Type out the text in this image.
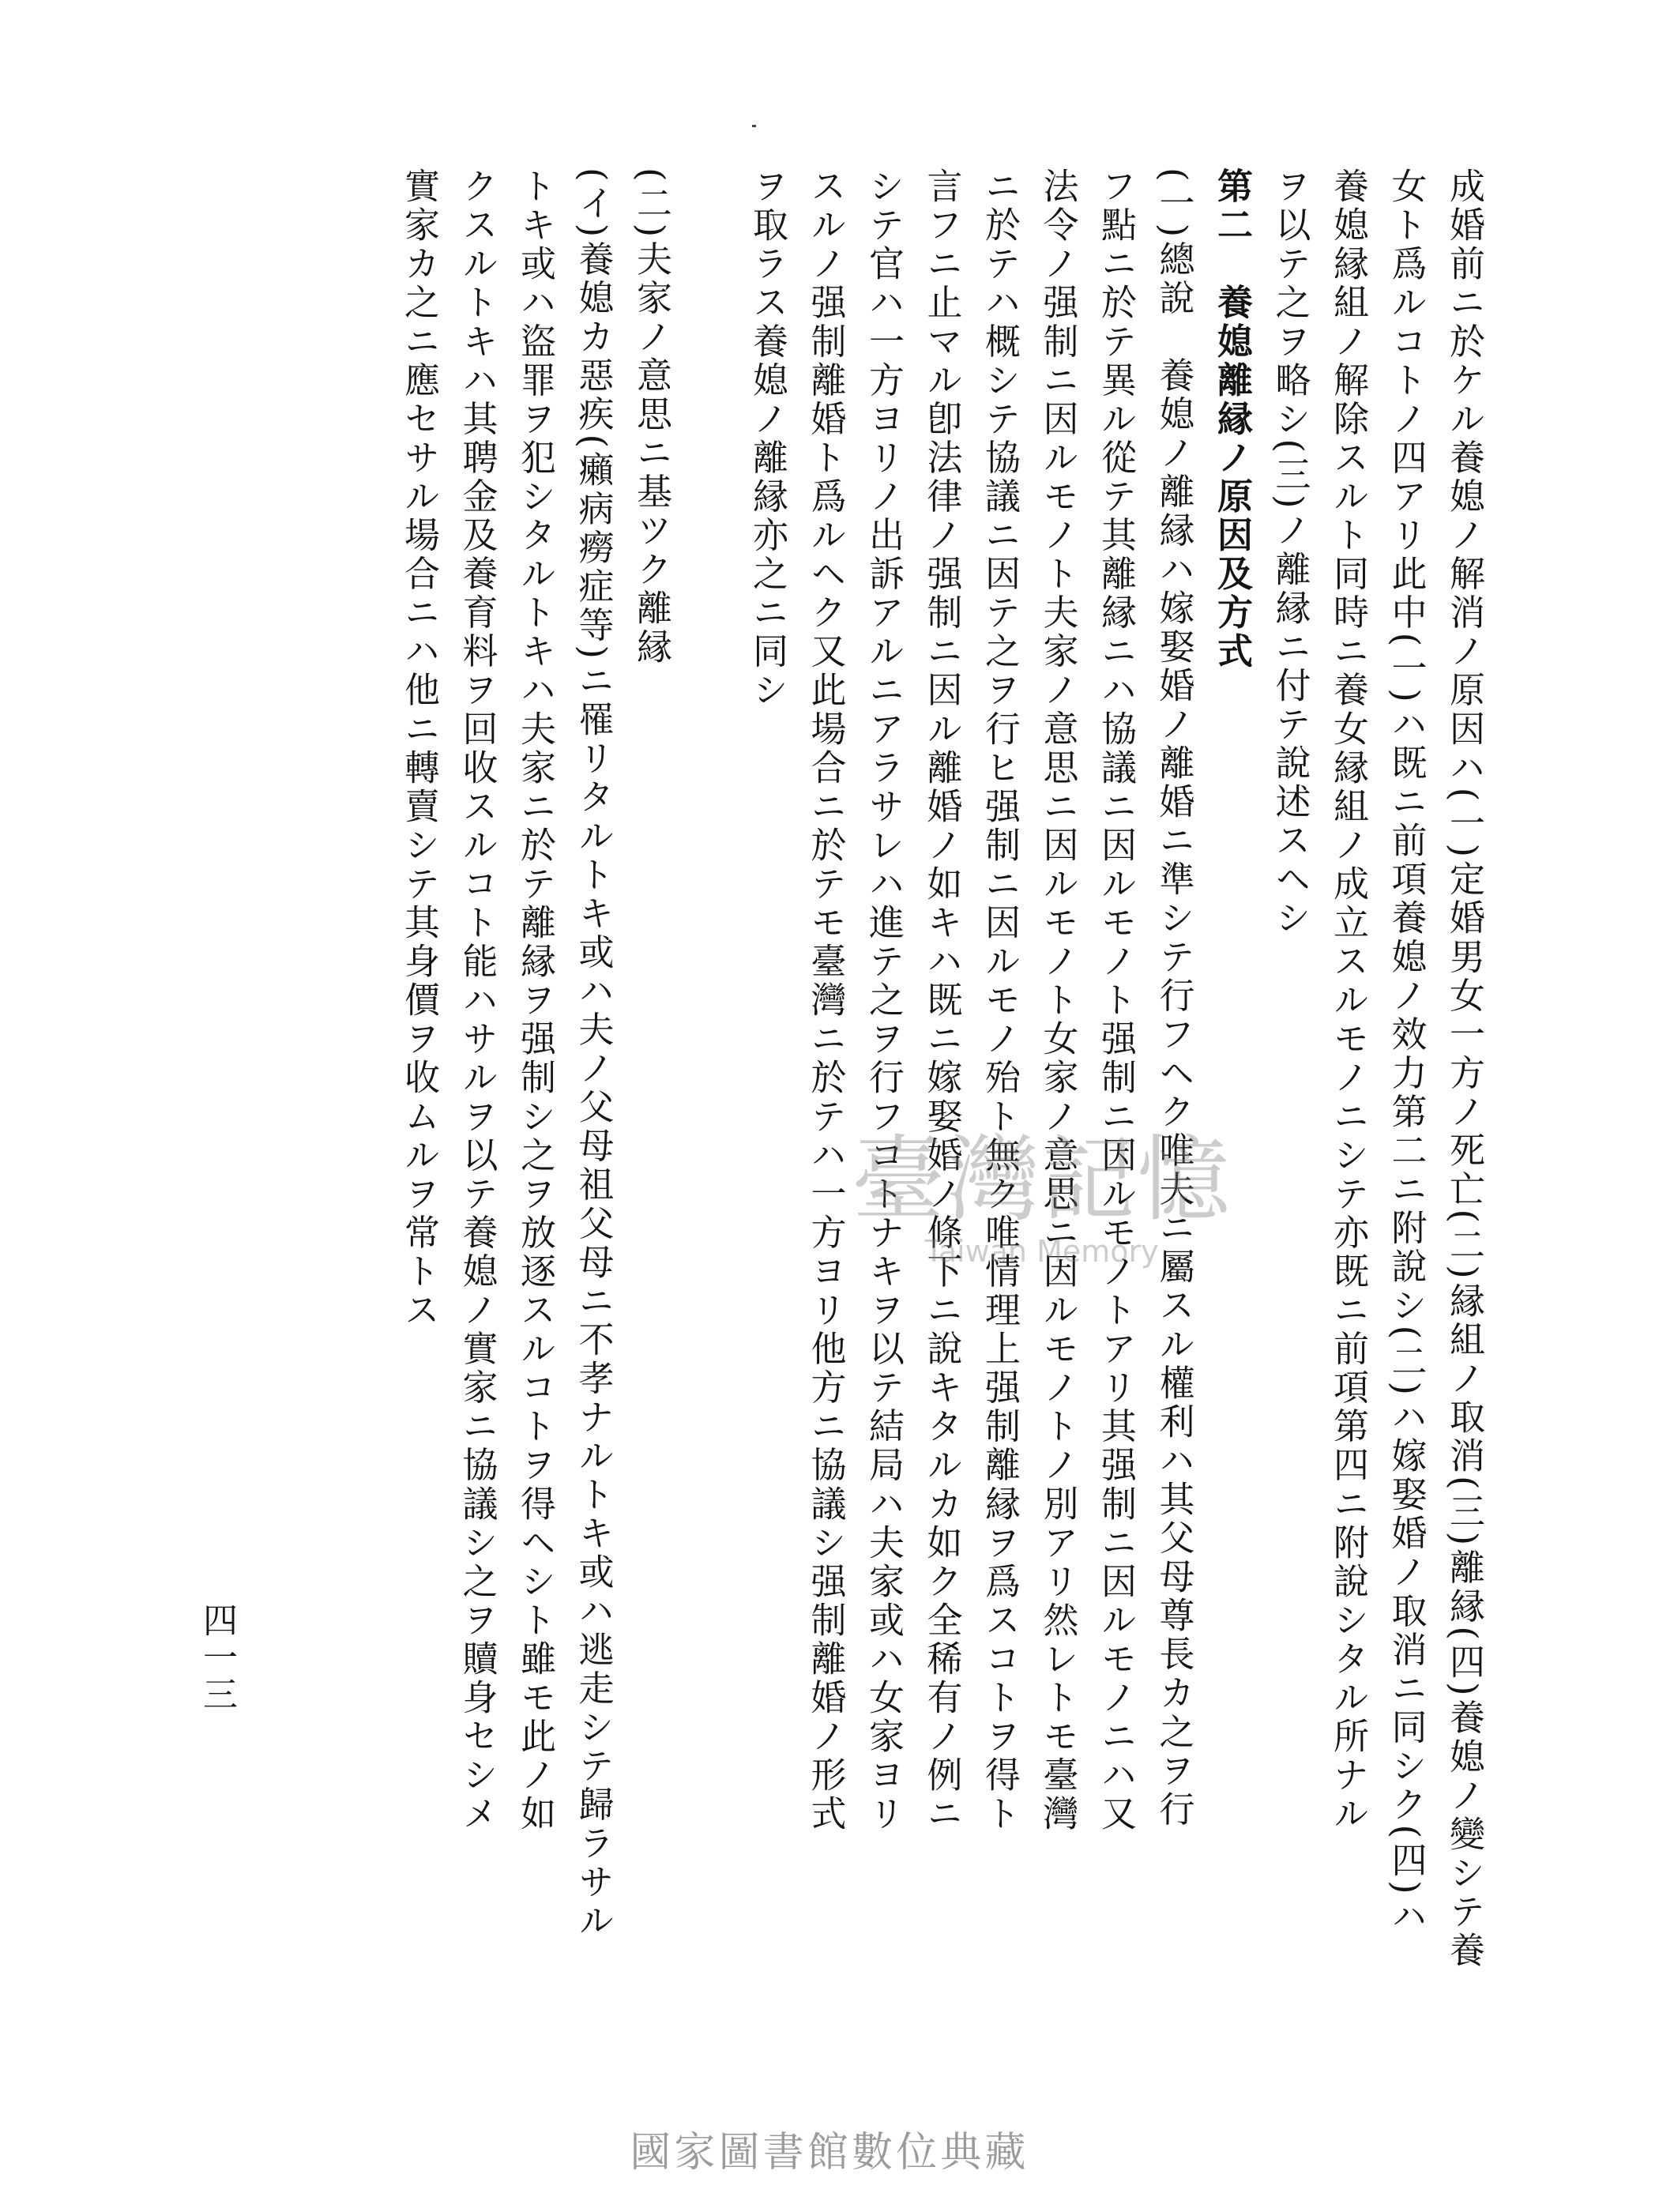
成婚前ニ於ケル養媳ノ解消ノ原因ハ(一)定婚男女一方ノ死亡(二)縁組ノ取消(三)離縁(四)養媳ノ變シテ養
女ト爲ルコトノ四アリ此中(一)ハ既ニ前項養媳ノ效力第二ニ附說シ(二)ハ嫁娶婚ノ取消ニ同シク(四)ハ
養媳縁組ノ解除スルト同時ニ養女縁組ノ成立スルモノニシテ亦既ニ前項第四ニ附說シタル所ナル
ヲ以テ之ヲ略シ(三)ノ離縁ニ付テ說述スヘシ
第二　養媳離縁ノ原因及方式
(一)總說　養媳ノ離縁ハ嫁娶婚ノ離婚ニ準シテ行フヘク唯夫ニ屬スル權利ハ其父母尊長カ之ヲ行
フ點ニ於テ異ル從テ其離縁ニハ協議ニ因ルモノト强制ニ因ルモノトアリ其强制ニ因ルモノニハ又
法令ノ强制ニ因ルモノト夫家ノ意思ニ因ルモノト女家ノ意思ニ因ルモノトノ別アリ然レトモ臺灣
ニ於テハ概シテ協議ニ因テ之ヲ行ヒ强制ニ因ルモノ殆ト無ク唯情理上强制離縁ヲ爲スコトヲ得ト
言フニ止マル卽法律ノ强制ニ因ル離婚ノ如キハ既ニ嫁娶婚ノ條下ニ說キタルカ如ク全稀有ノ例ニ
シテ官ハ一方ヨリノ出訴アルニアラサレハ進テ之ヲ行フコトナキヲ以テ結局ハ夫家或ハ女家ヨリ
スルノ强制離婚ト爲ルヘク又此場合ニ於テモ臺灣ニ於テハ一方ヨリ他方ニ協議シ强制離婚ノ形式
ヲ取ラス養媳ノ離縁亦之ニ同シ
(二)夫家ノ意思ニ基ツク離縁
(イ)養媳カ惡疾(癩病癆症等)ニ罹リタルトキ或ハ夫ノ父母祖父母ニ不孝ナルトキ或ハ逃走シテ歸ラサル
トキ或ハ盜罪ヲ犯シタルトキハ夫家ニ於テ離縁ヲ强制シ之ヲ放逐スルコトヲ得ヘシト雖モ此ノ如
クスルトキハ其聘金及養育料ヲ回收スルコト能ハサルヲ以テ養媳ノ實家ニ協議シ之ヲ贖身セシメ
實家カ之ニ應セサル場合ニハ他ニ轉賣シテ其身價ヲ收ムルヲ常トス
四一三
臺灣記憶
Taiwan Memory
國家圖書館數位典藏
